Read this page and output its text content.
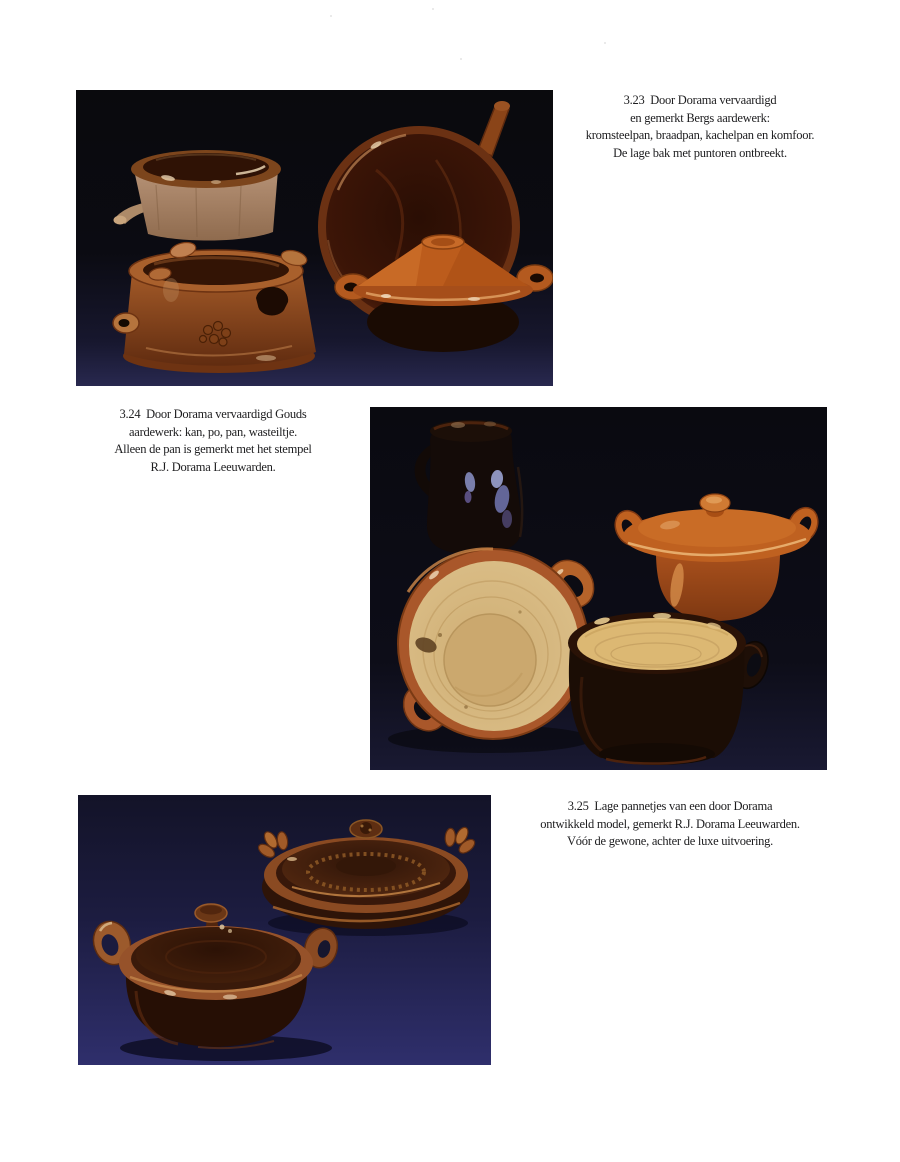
3.23  Door Dorama vervaardigd
en gemerkt Bergs aardewerk:
kromsteelpan, braadpan, kachelpan en komfoor.
De lage bak met puntoren ontbreekt.
3.24  Door Dorama vervaardigd Gouds
aardewerk: kan, po, pan, wasteiltje.
Alleen de pan is gemerkt met het stempel
R.J. Dorama Leeuwarden.
3.25  Lage pannetjes van een door Dorama
ontwikkeld model, gemerkt R.J. Dorama Leeuwarden.
Vóór de gewone, achter de luxe uitvoering.
